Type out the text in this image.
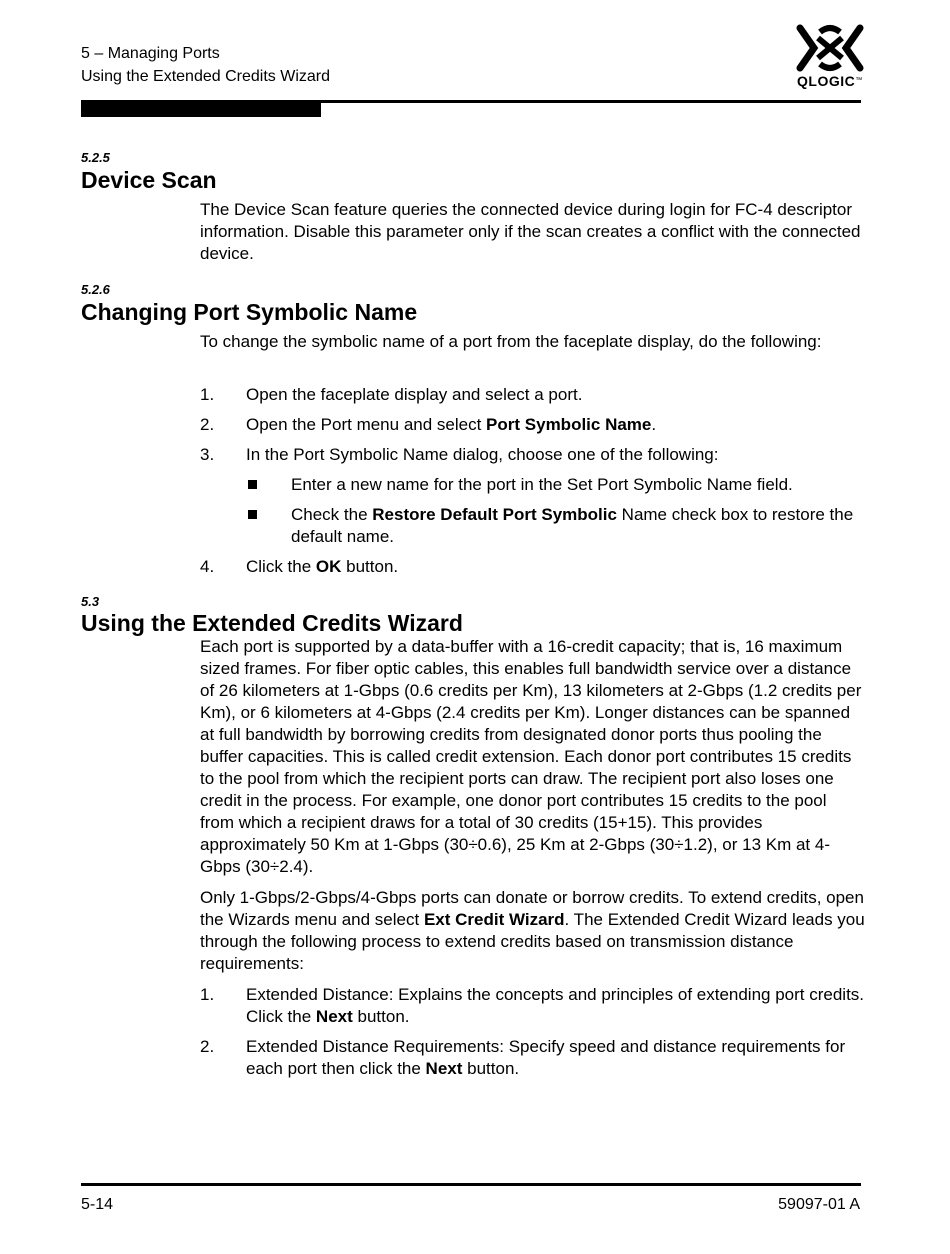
5 – Managing Ports
Using the Extended Credits Wizard	QLOGIC™
5.2.5
Device Scan
The Device Scan feature queries the connected device during login for FC-4 descriptor information. Disable this parameter only if the scan creates a conflict with the connected device.
5.2.6
Changing Port Symbolic Name
To change the symbolic name of a port from the faceplate display, do the following:
1. Open the faceplate display and select a port.
2. Open the Port menu and select Port Symbolic Name.
3. In the Port Symbolic Name dialog, choose one of the following:
Enter a new name for the port in the Set Port Symbolic Name field.
Check the Restore Default Port Symbolic Name check box to restore the default name.
4. Click the OK button.
5.3
Using the Extended Credits Wizard
Each port is supported by a data-buffer with a 16-credit capacity; that is, 16 maximum sized frames. For fiber optic cables, this enables full bandwidth service over a distance of 26 kilometers at 1-Gbps (0.6 credits per Km), 13 kilometers at 2-Gbps (1.2 credits per Km), or 6 kilometers at 4-Gbps (2.4 credits per Km). Longer distances can be spanned at full bandwidth by borrowing credits from designated donor ports thus pooling the buffer capacities. This is called credit extension. Each donor port contributes 15 credits to the pool from which the recipient ports can draw. The recipient port also loses one credit in the process. For example, one donor port contributes 15 credits to the pool from which a recipient draws for a total of 30 credits (15+15). This provides approximately 50 Km at 1-Gbps (30÷0.6), 25 Km at 2-Gbps (30÷1.2), or 13 Km at 4-Gbps (30÷2.4).
Only 1-Gbps/2-Gbps/4-Gbps ports can donate or borrow credits. To extend credits, open the Wizards menu and select Ext Credit Wizard. The Extended Credit Wizard leads you through the following process to extend credits based on transmission distance requirements:
1. Extended Distance: Explains the concepts and principles of extending port credits. Click the Next button.
2. Extended Distance Requirements: Specify speed and distance requirements for each port then click the Next button.
5-14	59097-01 A
